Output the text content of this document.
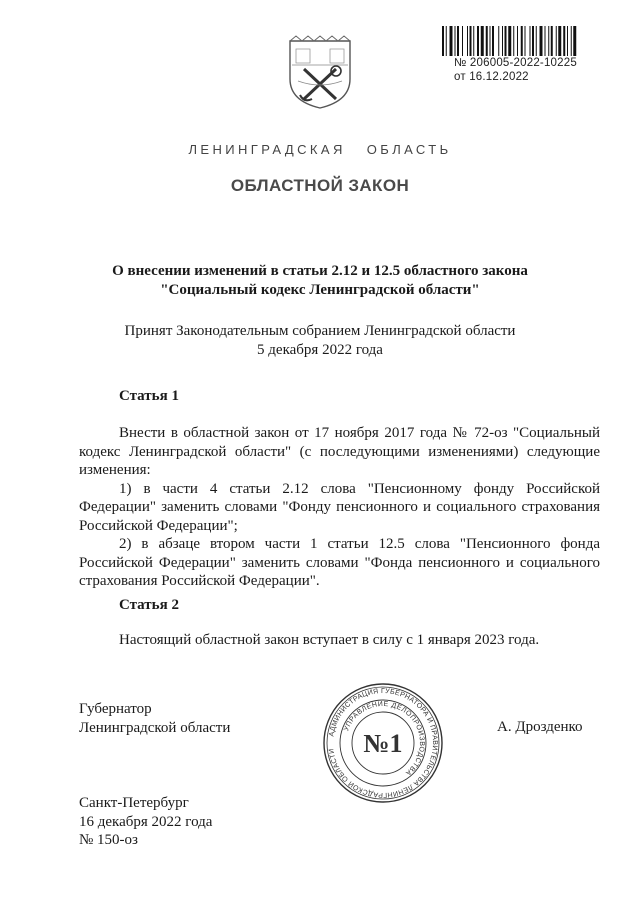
№ 206005-2022-10225
от 16.12.2022
ЛЕНИНГРАДСКАЯ   ОБЛАСТЬ
ОБЛАСТНОЙ ЗАКОН
О внесении изменений в статьи 2.12 и 12.5 областного закона
"Социальный кодекс Ленинградской области"
Принят Законодательным собранием Ленинградской области
5 декабря 2022 года
Статья 1

Внести в областной закон от 17 ноября 2017 года № 72-оз "Социальный кодекс Ленинградской области" (с последующими изменениями) следующие изменения:

1) в части 4 статьи 2.12 слова "Пенсионному фонду Российской Федерации" заменить словами "Фонду пенсионного и социального страхования Российской Федерации";

2) в абзаце втором части 1 статьи 12.5 слова "Пенсионного фонда Российской Федерации" заменить словами "Фонда пенсионного и социального страхования Российской Федерации".

Статья 2

Настоящий областной закон вступает в силу с 1 января 2023 года.

Губернатор
Ленинградской области	А. Дрозденко
АДМИНИСТРАЦИЯ ГУБЕРНАТОРА И ПРАВИТЕЛЬСТВА ЛЕНИНГРАДСКОЙ ОБЛАСТИ
УПРАВЛЕНИЕ ДЕЛОПРОИЗВОДСТВА
№1
Санкт-Петербург
16 декабря 2022 года
№ 150-оз
